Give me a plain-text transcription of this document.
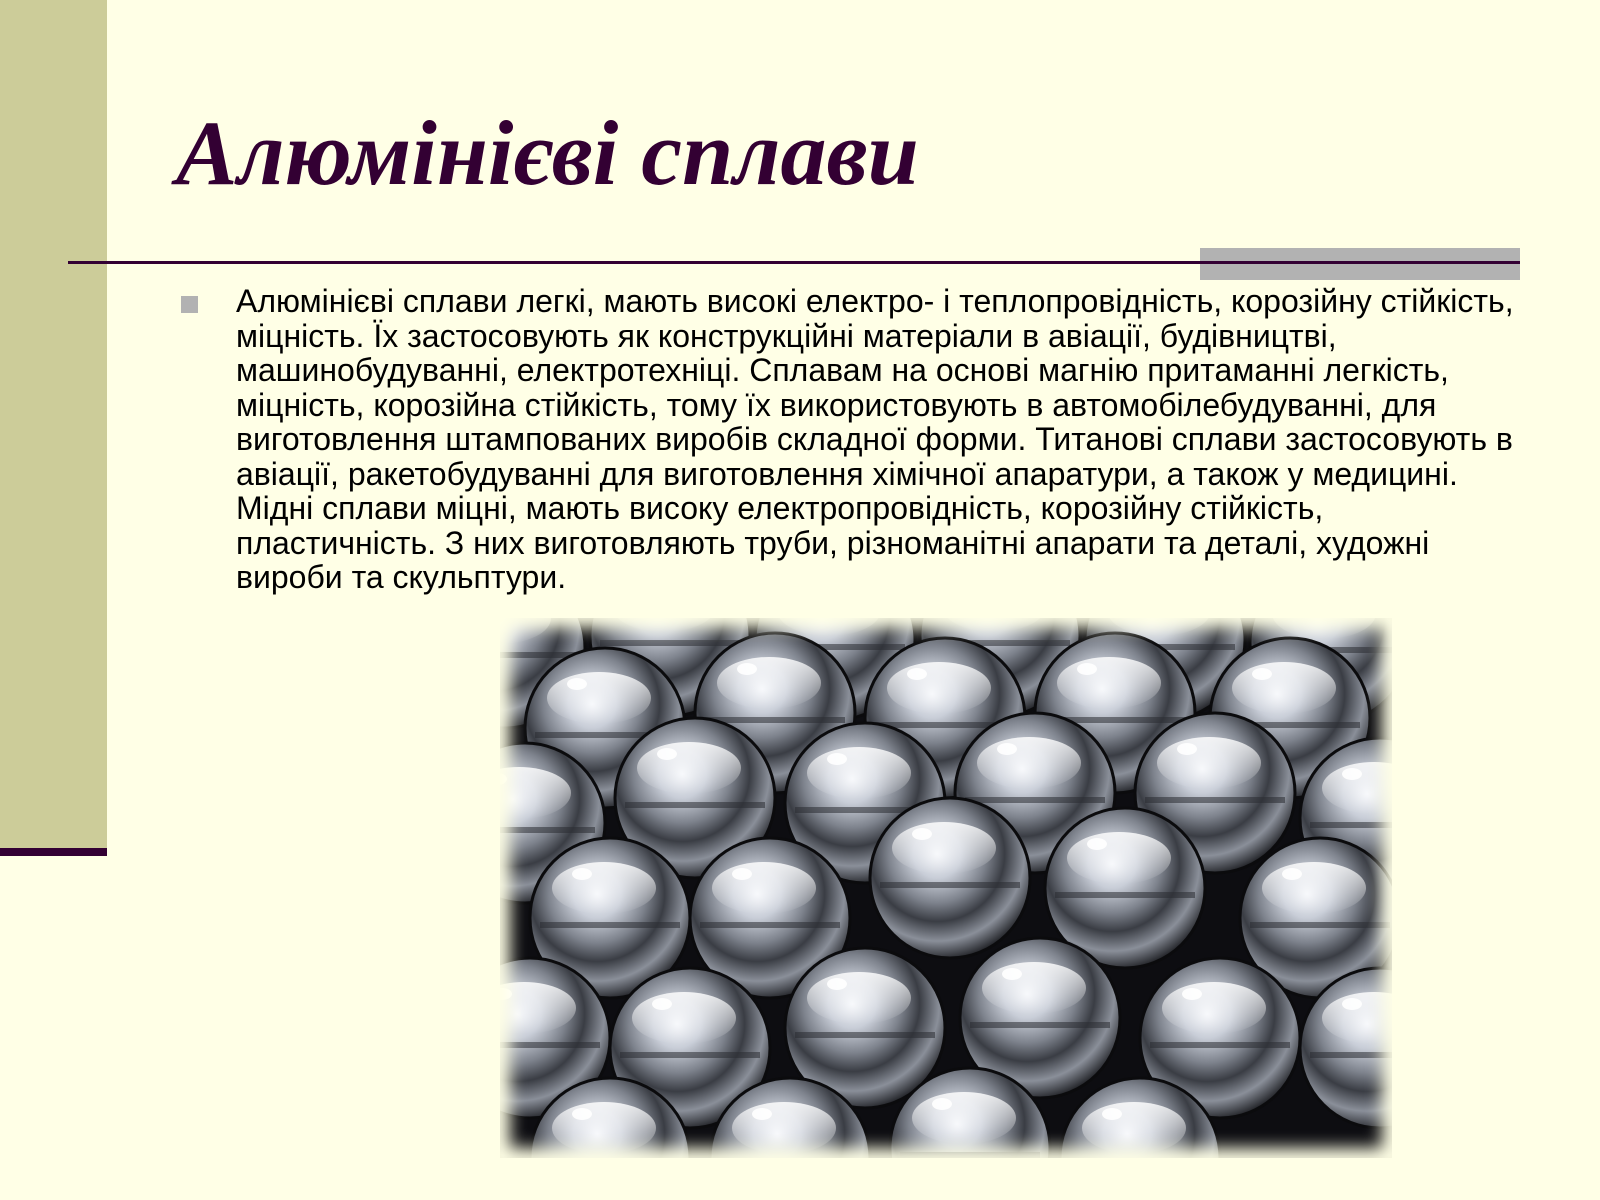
Алюмінієві сплави

Алюмінієві сплави легкі, мають високі електро- і теплопровідність, корозійну стійкість, міцність. Їх застосовують як конструкційні матеріали в авіації, будівництві, машинобудуванні, електротехніці. Сплавам на основі магнію притаманні легкість, міцність, корозійна стійкість, тому їх використовують в автомобілебудуванні, для виготовлення штампованих виробів складної форми. Титанові сплави застосовують в авіації, ракетобудуванні для виготовлення хімічної апаратури, а також у медицині. Мідні сплави міцні, мають високу електропровідність, корозійну стійкість, пластичність. З них виготовляють труби, різноманітні апарати та деталі, художні вироби та скульптури.
